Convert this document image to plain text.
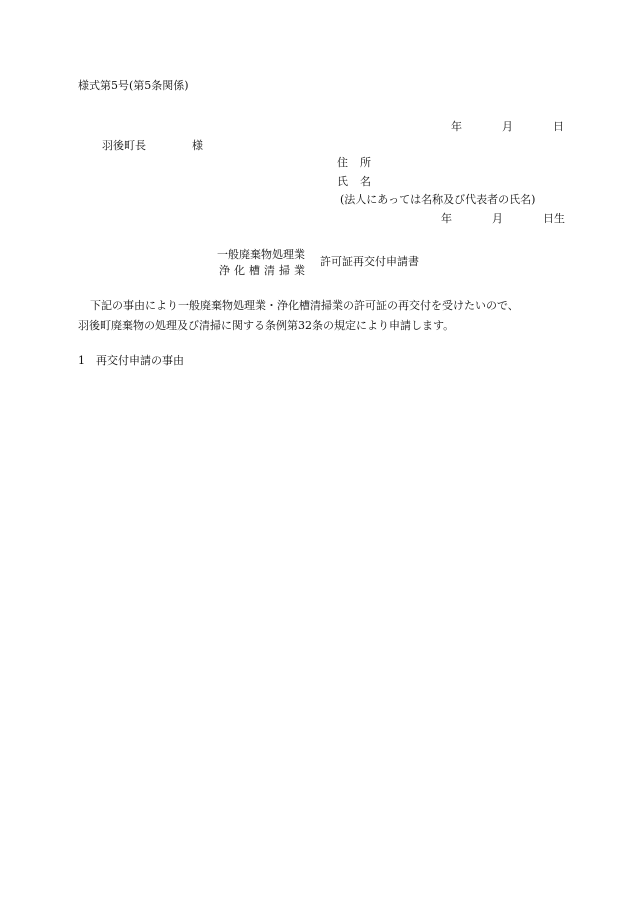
様式第5号(第5条関係)
年	月	日
羽後町長	様
住 所
氏 名
(法人にあっては名称及び代表者の氏名)
年	月	日生
一般廃棄物処理業
浄化槽清掃業
許可証再交付申請書

下記の事由により一般廃棄物処理業・浄化槽清掃業の許可証の再交付を受けたいので、

羽後町廃棄物の処理及び清掃に関する条例第32条の規定により申請します。

1 再交付申請の事由
